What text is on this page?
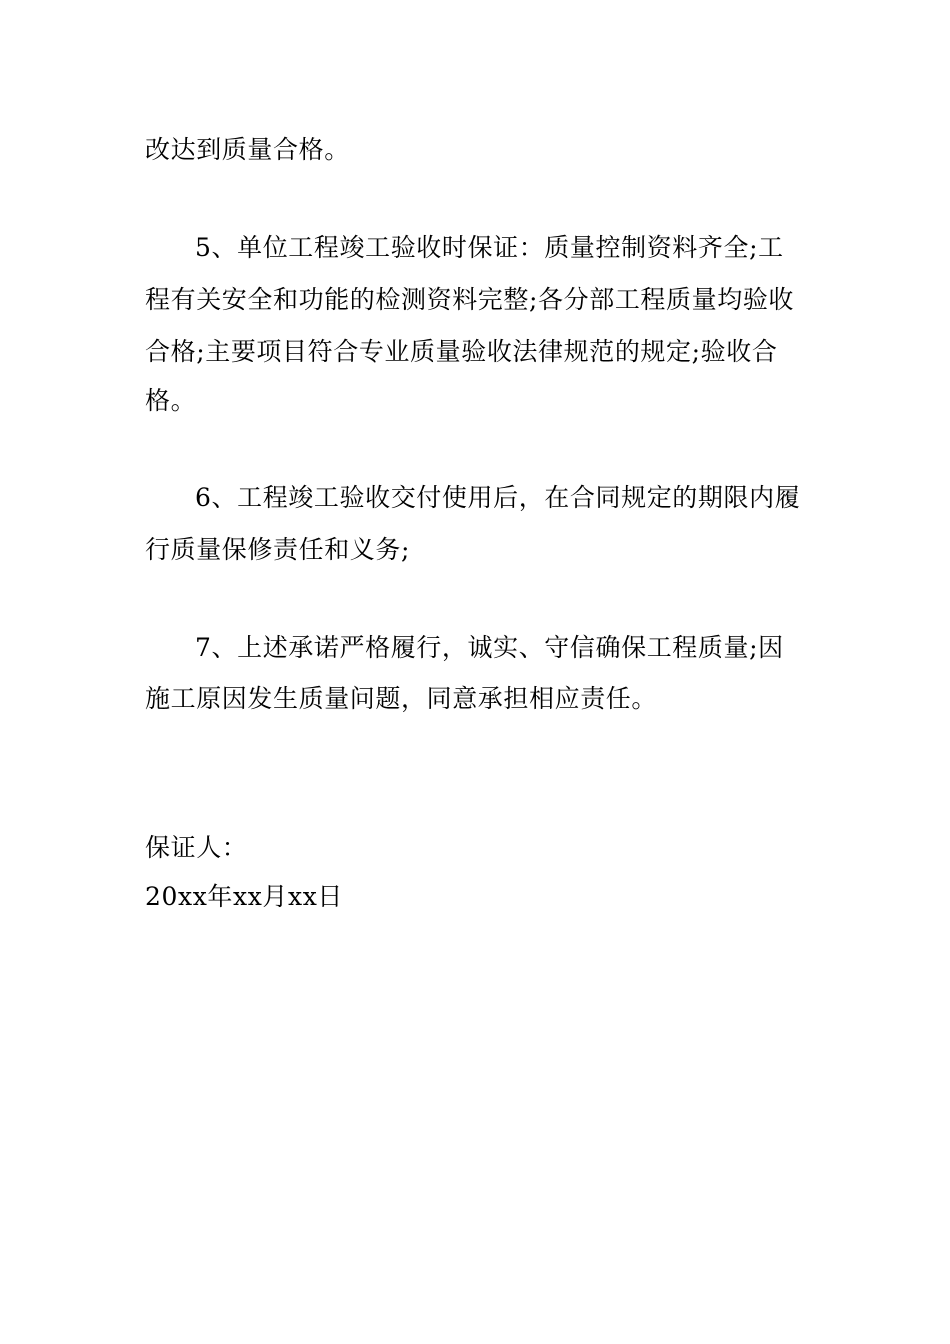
改达到质量合格。
5、单位工程竣工验收时保证：质量控制资料齐全;工
程有关安全和功能的检测资料完整;各分部工程质量均验收
合格;主要项目符合专业质量验收法律规范的规定;验收合
格。
6、工程竣工验收交付使用后，在合同规定的期限内履
行质量保修责任和义务;
7、上述承诺严格履行，诚实、守信确保工程质量;因
施工原因发生质量问题，同意承担相应责任。
保证人：
20xx年xx月xx日
